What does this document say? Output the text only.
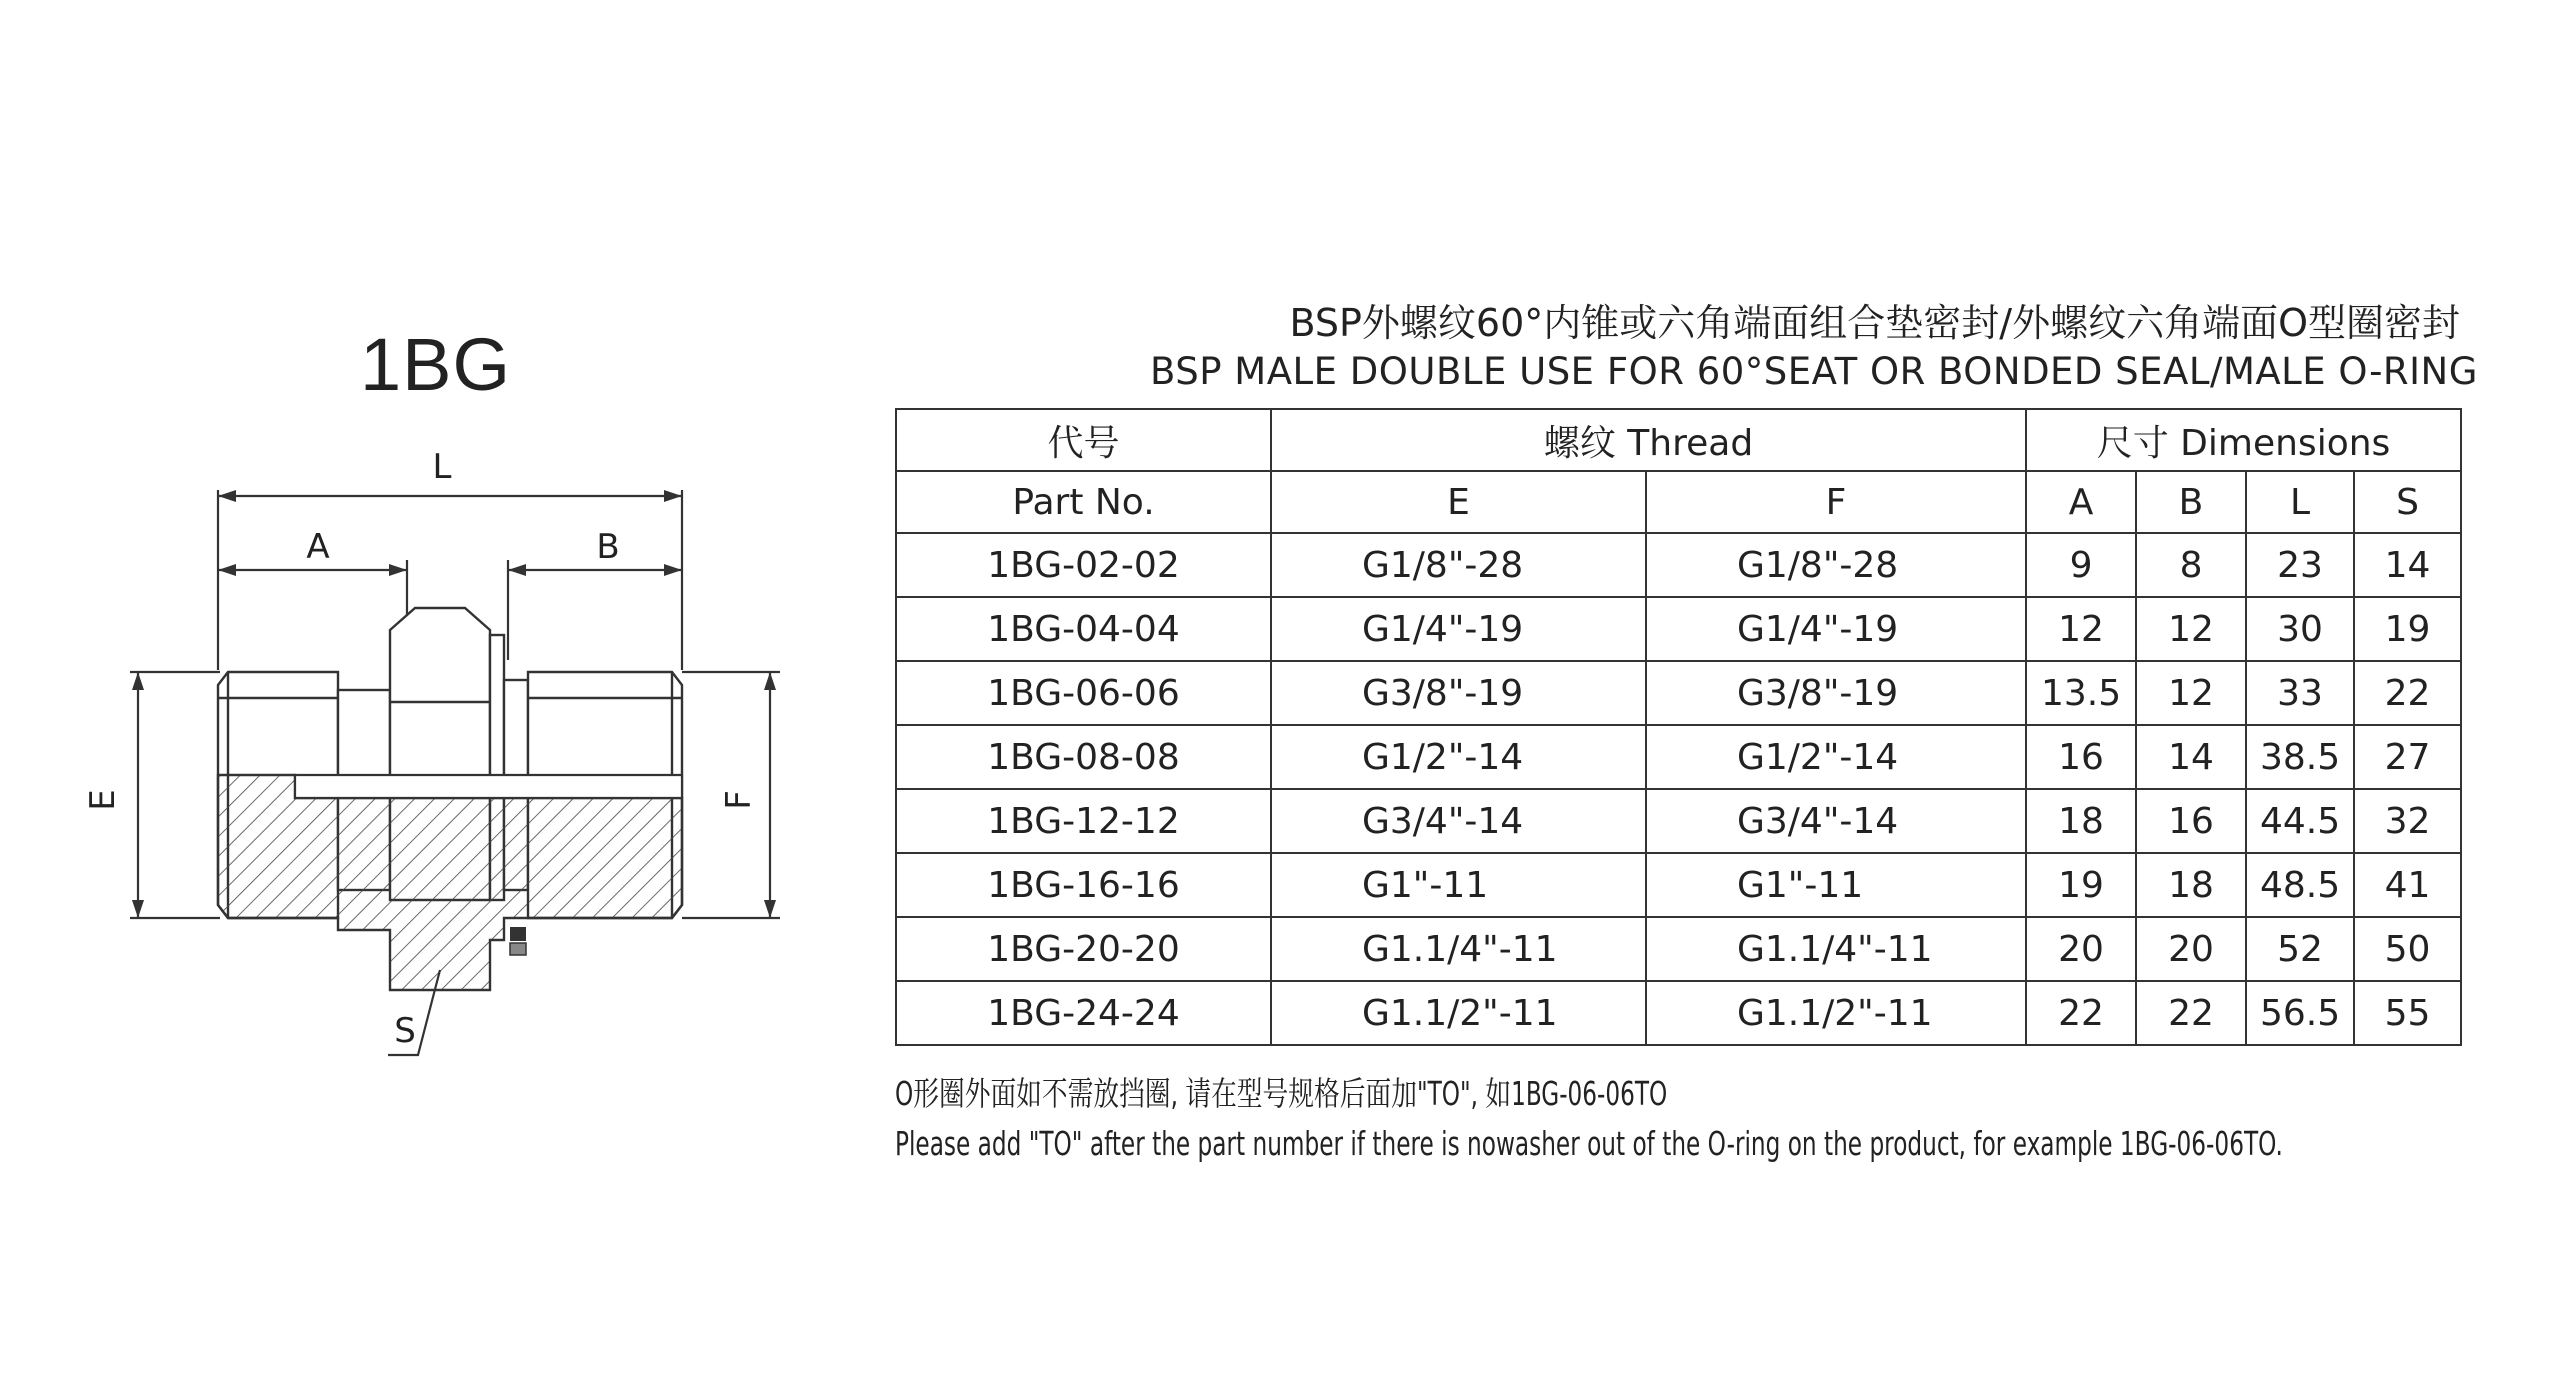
1BG
L
A	B
S
E	F
BSP外螺纹60°内锥或六角端面组合垫密封/外螺纹六角端面O型圈密封
BSP MALE DOUBLE USE FOR 60°SEAT OR BONDED SEAL/MALE O-RING
代号	螺纹 Thread		尺寸 Dimensions			
Part No.	E	F	A	B	L	S
1BG-02-02	G1/8"-28	G1/8"-28	9	8	23	14
1BG-04-04	G1/4"-19	G1/4"-19	12	12	30	19
1BG-06-06	G3/8"-19	G3/8"-19	13.5	12	33	22
1BG-08-08	G1/2"-14	G1/2"-14	16	14	38.5	27
1BG-12-12	G3/4"-14	G3/4"-14	18	16	44.5	32
1BG-16-16	G1"-11	G1"-11	19	18	48.5	41
1BG-20-20	G1.1/4"-11	G1.1/4"-11	20	20	52	50
1BG-24-24	G1.1/2"-11	G1.1/2"-11	22	22	56.5	55
O形圈外面如不需放挡圈, 请在型号规格后面加"TO", 如1BG-06-06TO
Please add "TO" after the part number if there is nowasher out of the O-ring on the product, for example 1BG-06-06TO.
